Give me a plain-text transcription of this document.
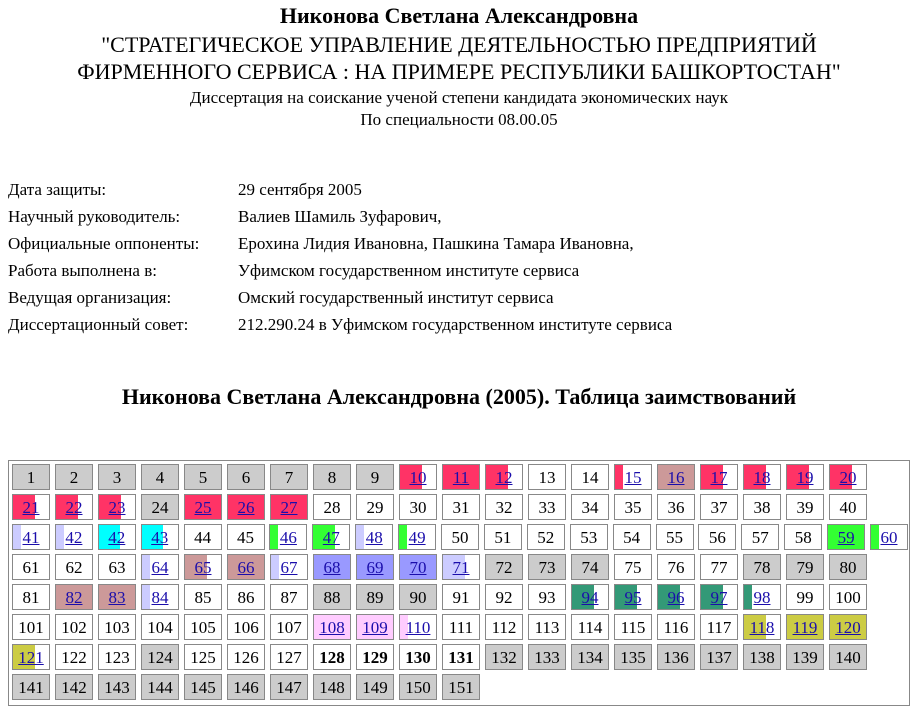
Никонова Светлана Александровна
"СТРАТЕГИЧЕСКОЕ УПРАВЛЕНИЕ ДЕЯТЕЛЬНОСТЬЮ ПРЕДПРИЯТИЙ
ФИРМЕННОГО СЕРВИСА : НА ПРИМЕРЕ РЕСПУБЛИКИ БАШКОРТОСТАН"
Диссертация на соискание ученой степени кандидата экономических наук
По специальности 08.00.05
Дата защиты:	29 сентября 2005
Научный руководитель:	Валиев Шамиль Зуфарович,
Официальные оппоненты:	Ерохина Лидия Ивановна, Пашкина Тамара Ивановна,
Работа выполнена в:	Уфимском государственном институте сервиса
Ведущая организация:	Омский государственный институт сервиса
Диссертационный совет:	212.290.24 в Уфимском государственном институте сервиса
Никонова Светлана Александровна (2005). Таблица заимствований
1	2	3	4	5	6	7	8	9	10	11	12	13	14	15	16	17	18	19	20
21	22	23	24	25	26	27	28	29	30	31	32	33	34	35	36	37	38	39	40
41	42	42	43	44	45	46	47	48	49	50	51	52	53	54	55	56	57	58	59	60
61	62	63	64	65	66	67	68	69	70	71	72	73	74	75	76	77	78	79	80
81	82	83	84	85	86	87	88	89	90	91	92	93	94	95	96	97	98	99	100
101	102	103	104	105	106	107	108	109	110	111	112	113	114	115	116	117	118	119	120
121	122	123	124	125	126	127	128	129	130	131	132	133	134	135	136	137	138	139	140
141	142	143	144	145	146	147	148	149	150	151
